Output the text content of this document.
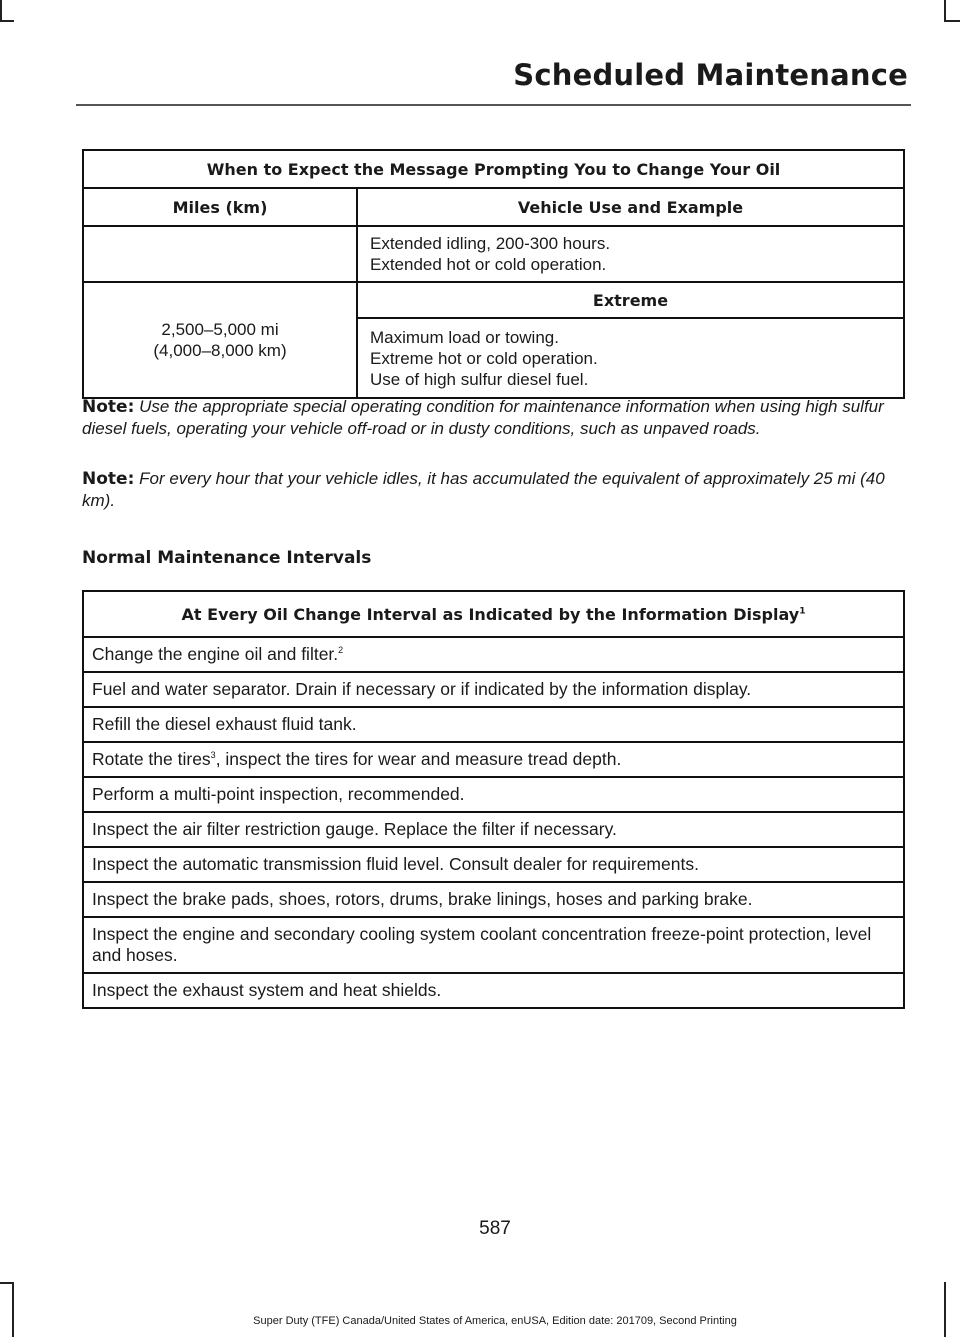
Scheduled Maintenance
When to Expect the Message Prompting You to Change Your Oil	
Miles (km)	Vehicle Use and Example

	Extended idling, 200-300 hours.
Extended hot or cold operation.

2,500–5,000 mi
(4,000–8,000 km)	Extreme

	Maximum load or towing.
Extreme hot or cold operation.
Use of high sulfur diesel fuel.
Note: Use the appropriate special operating condition for maintenance information when using high sulfur diesel fuels, operating your vehicle off-road or in dusty conditions, such as unpaved roads.
Note: For every hour that your vehicle idles, it has accumulated the equivalent of approximately 25 mi (40 km).
Normal Maintenance Intervals
At Every Oil Change Interval as Indicated by the Information Display$^1$
Change the engine oil and filter.$^2$
Fuel and water separator. Drain if necessary or if indicated by the information display.
Refill the diesel exhaust fluid tank.
Rotate the tires$^3$, inspect the tires for wear and measure tread depth.
Perform a multi-point inspection, recommended.
Inspect the air filter restriction gauge. Replace the filter if necessary.
Inspect the automatic transmission fluid level. Consult dealer for requirements.
Inspect the brake pads, shoes, rotors, drums, brake linings, hoses and parking brake.
Inspect the engine and secondary cooling system coolant concentration freeze-point protection, level and hoses.
Inspect the exhaust system and heat shields.
587
Super Duty (TFE) Canada/United States of America, enUSA, Edition date: 201709, Second Printing
